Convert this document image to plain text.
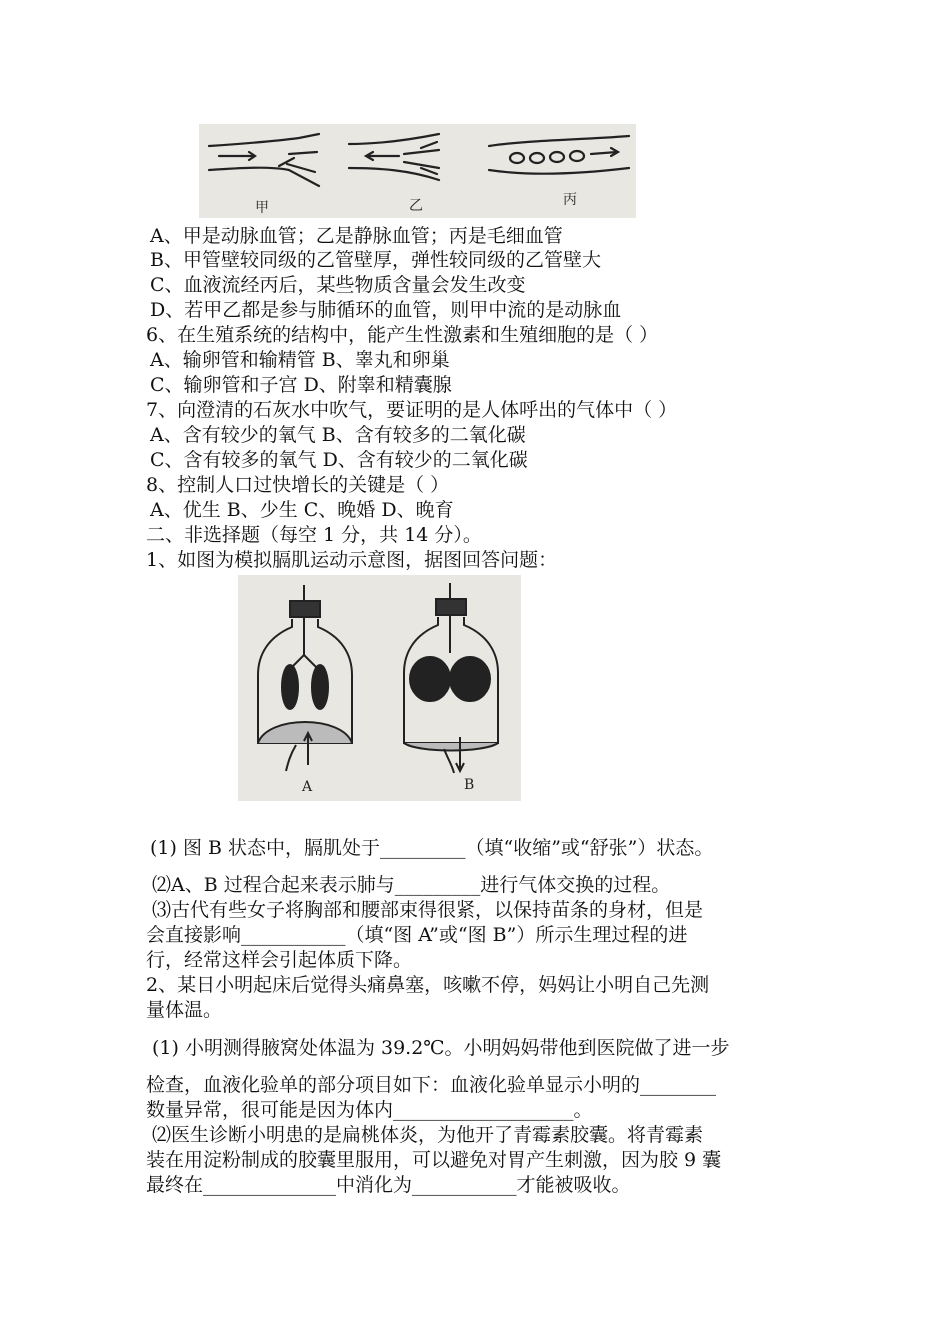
甲	乙	丙
A	B
A、甲是动脉血管；乙是静脉血管；丙是毛细血管
B、甲管壁较同级的乙管壁厚，弹性较同级的乙管壁大
C、血液流经丙后，某些物质含量会发生改变
D、若甲乙都是参与肺循环的血管，则甲中流的是动脉血
6、在生殖系统的结构中，能产生性激素和生殖细胞的是（ ）
A、输卵管和输精管 B、睾丸和卵巢
C、输卵管和子宫 D、附睾和精囊腺
7、向澄清的石灰水中吹气，要证明的是人体呼出的气体中（ ）
A、含有较少的氧气 B、含有较多的二氧化碳
C、含有较多的氧气 D、含有较少的二氧化碳
8、控制人口过快增长的关键是（ ）
A、优生 B、少生 C、晚婚 D、晚育
二、非选择题（每空 1 分，共 14 分）。
1、如图为模拟膈肌运动示意图，据图回答问题：
(1) 图 B 状态中，膈肌处于_________（填“收缩”或“舒张”）状态。
⑵A、B 过程合起来表示肺与_________进行气体交换的过程。
⑶古代有些女子将胸部和腰部束得很紧，以保持苗条的身材，但是
会直接影响___________（填“图 A”或“图 B”）所示生理过程的进
行，经常这样会引起体质下降。
2、某日小明起床后觉得头痛鼻塞，咳嗽不停，妈妈让小明自己先测
量体温。
(1) 小明测得腋窝处体温为 39.2℃。小明妈妈带他到医院做了进一步
检查，血液化验单的部分项目如下：血液化验单显示小明的________
数量异常，很可能是因为体内___________________。
⑵医生诊断小明患的是扁桃体炎，为他开了青霉素胶囊。将青霉素
装在用淀粉制成的胶囊里服用，可以避免对胃产生刺激，因为胶 9 囊
最终在______________中消化为___________才能被吸收。
